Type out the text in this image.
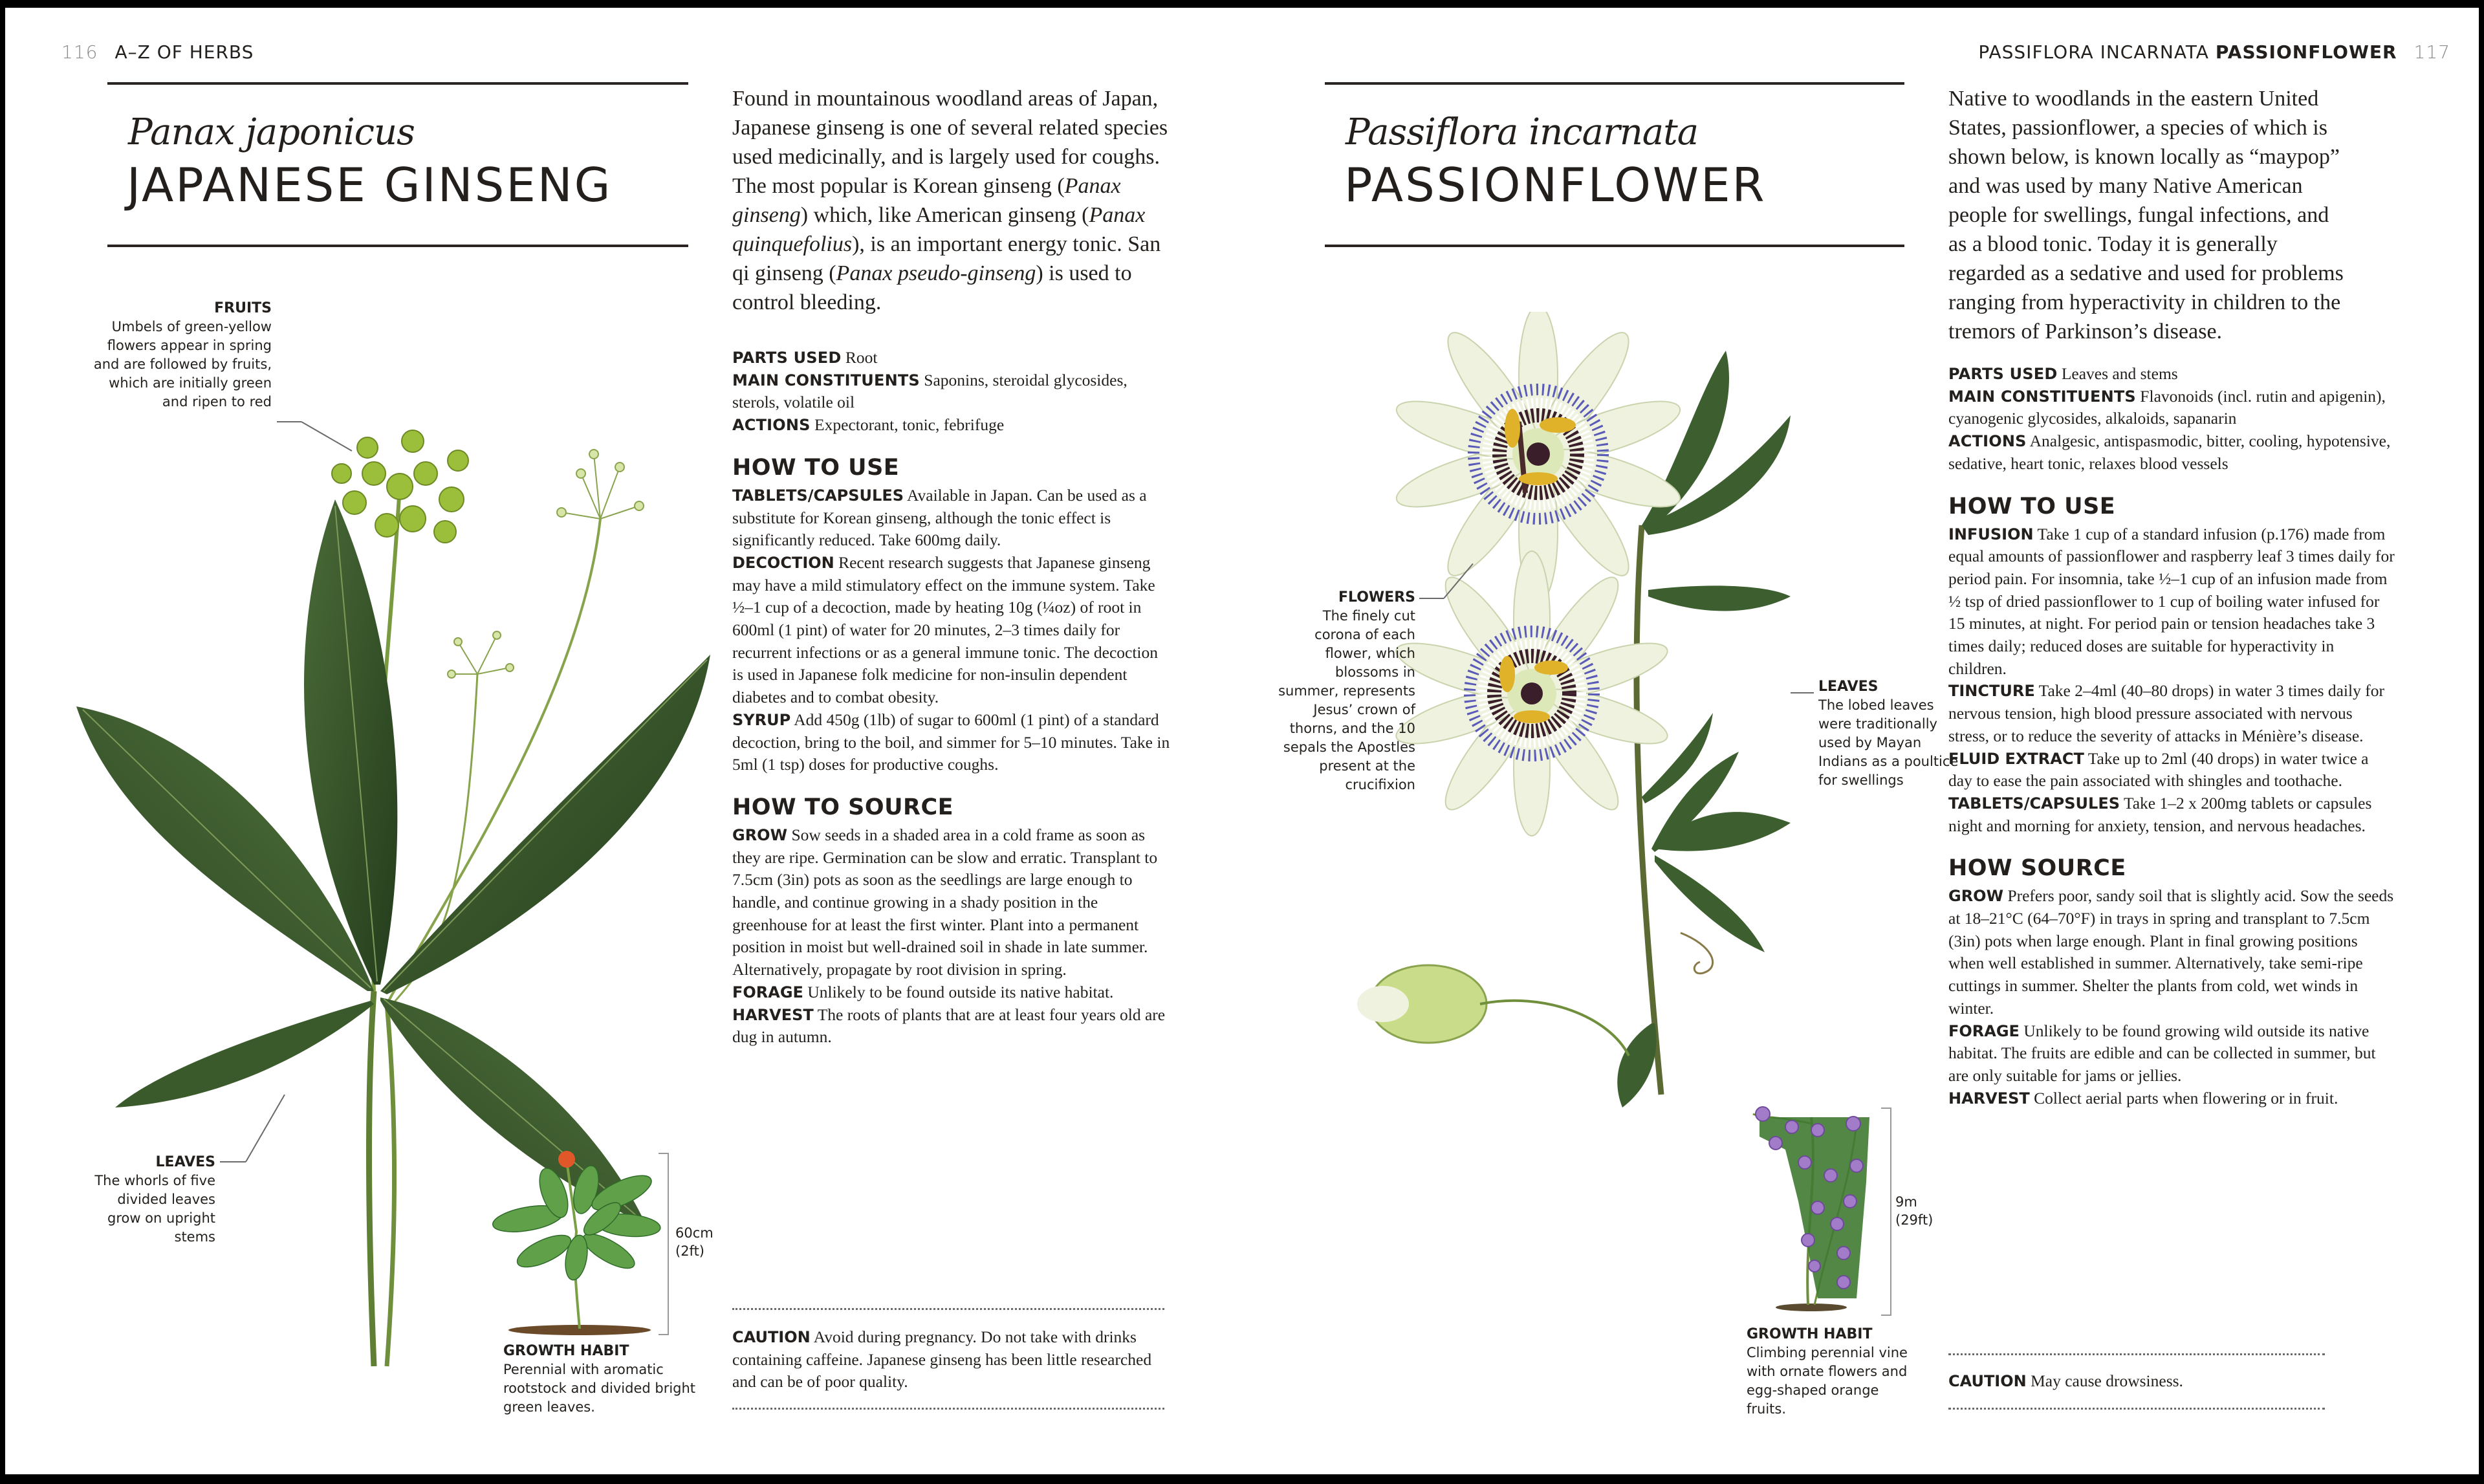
116 A–Z OF HERBS
Panax japonicus
JAPANESE GINSENG
FRUITS
Umbels of green-yellow flowers appear in spring and are followed by fruits, which are initially green and ripen to red
LEAVES
The whorls of five divided leaves grow on upright stems	60cm
(2ft)
GROWTH HABIT
Perennial with aromatic rootstock and divided bright green leaves.
Found in mountainous woodland areas of Japan, Japanese ginseng is one of several related species used medicinally, and is largely used for coughs. The most popular is Korean ginseng (Panax ginseng) which, like American ginseng (Panax quinquefolius), is an important energy tonic. San qi ginseng (Panax pseudo-ginseng) is used to control bleeding.
PARTS USED Root
MAIN CONSTITUENTS Saponins, steroidal glycosides, sterols, volatile oil
ACTIONS Expectorant, tonic, febrifuge
HOW TO USE
TABLETS/CAPSULES Available in Japan. Can be used as a substitute for Korean ginseng, although the tonic effect is significantly reduced. Take 600mg daily.
DECOCTION Recent research suggests that Japanese ginseng may have a mild stimulatory effect on the immune system. Take ½–1 cup of a decoction, made by heating 10g (¼oz) of root in 600ml (1 pint) of water for 20 minutes, 2–3 times daily for recurrent infections or as a general immune tonic. The decoction is used in Japanese folk medicine for non-insulin dependent diabetes and to combat obesity.
SYRUP Add 450g (1lb) of sugar to 600ml (1 pint) of a standard decoction, bring to the boil, and simmer for 5–10 minutes. Take in 5ml (1 tsp) doses for productive coughs.
HOW TO SOURCE
GROW Sow seeds in a shaded area in a cold frame as soon as they are ripe. Germination can be slow and erratic. Transplant to 7.5cm (3in) pots as soon as the seedlings are large enough to handle, and continue growing in a shady position in the greenhouse for at least the first winter. Plant into a permanent position in moist but well-drained soil in shade in late summer. Alternatively, propagate by root division in spring.
FORAGE Unlikely to be found outside its native habitat.
HARVEST The roots of plants that are at least four years old are dug in autumn.
CAUTION Avoid during pregnancy. Do not take with drinks containing caffeine. Japanese ginseng has been little researched and can be of poor quality.
PASSIFLORA INCARNATA PASSIONFLOWER 117
Passiflora incarnata
PASSIONFLOWER
FLOWERS
The finely cut corona of each flower, which blossoms in summer, represents Jesus’ crown of thorns, and the 10 sepals the Apostles present at the crucifixion
LEAVES
The lobed leaves were traditionally used by Mayan Indians as a poultice for swellings
9m
(29ft)
GROWTH HABIT
Climbing perennial vine with ornate flowers and egg-shaped orange fruits.
Native to woodlands in the eastern United States, passionflower, a species of which is shown below, is known locally as “maypop” and was used by many Native American people for swellings, fungal infections, and as a blood tonic. Today it is generally regarded as a sedative and used for problems ranging from hyperactivity in children to the tremors of Parkinson’s disease.
PARTS USED Leaves and stems
MAIN CONSTITUENTS Flavonoids (incl. rutin and apigenin), cyanogenic glycosides, alkaloids, sapanarin
ACTIONS Analgesic, antispasmodic, bitter, cooling, hypotensive, sedative, heart tonic, relaxes blood vessels
HOW TO USE
INFUSION Take 1 cup of a standard infusion (p.176) made from equal amounts of passionflower and raspberry leaf 3 times daily for period pain. For insomnia, take ½–1 cup of an infusion made from ½ tsp of dried passionflower to 1 cup of boiling water infused for 15 minutes, at night. For period pain or tension headaches take 3 times daily; reduced doses are suitable for hyperactivity in children.
TINCTURE Take 2–4ml (40–80 drops) in water 3 times daily for nervous tension, high blood pressure associated with nervous stress, or to reduce the severity of attacks in Ménière’s disease.
FLUID EXTRACT Take up to 2ml (40 drops) in water twice a day to ease the pain associated with shingles and toothache.
TABLETS/CAPSULES Take 1–2 x 200mg tablets or capsules night and morning for anxiety, tension, and nervous headaches.
HOW SOURCE
GROW Prefers poor, sandy soil that is slightly acid. Sow the seeds at 18–21°C (64–70°F) in trays in spring and transplant to 7.5cm (3in) pots when large enough. Plant in final growing positions when well established in summer. Alternatively, take semi-ripe cuttings in summer. Shelter the plants from cold, wet winds in winter.
FORAGE Unlikely to be found growing wild outside its native habitat. The fruits are edible and can be collected in summer, but are only suitable for jams or jellies.
HARVEST Collect aerial parts when flowering or in fruit.
CAUTION May cause drowsiness.
